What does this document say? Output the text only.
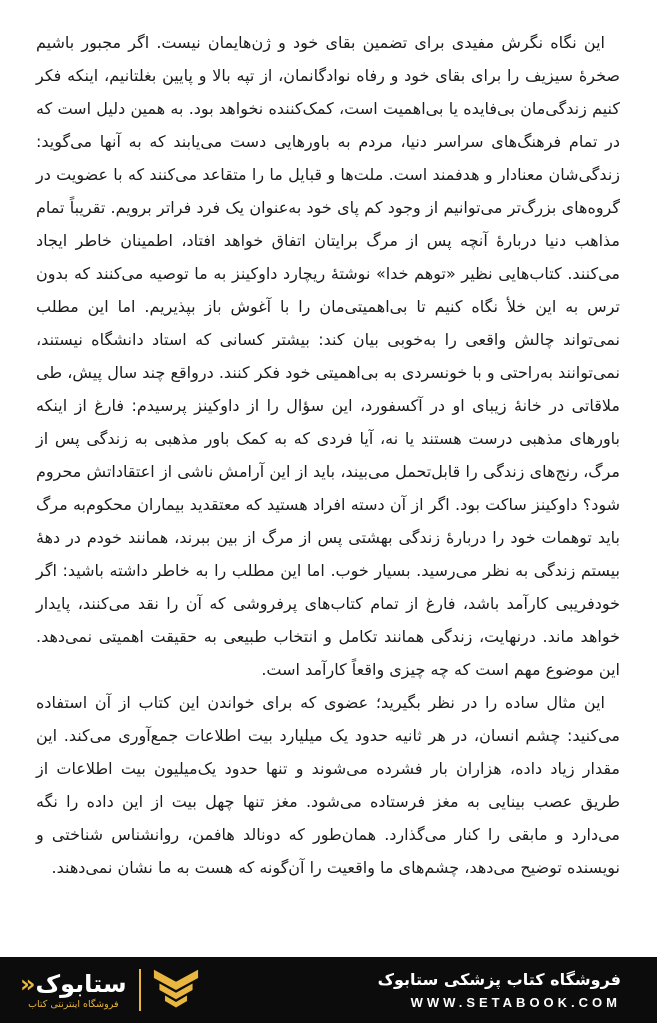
این نگاه نگرش مفیدی برای تضمین بقای خود و ژن‌هایمان نیست. اگر مجبور باشیم صخرۀ سیزیف را برای بقای خود و رفاه نوادگانمان، از تپه بالا و پایین بغلتانیم، اینکه فکر کنیم زندگی‌مان بی‌فایده یا بی‌اهمیت است، کمک‌کننده نخواهد بود. به همین دلیل است که در تمام فرهنگ‌های سراسر دنیا، مردم به باورهایی دست می‌یابند که به آنها می‌گوید: زندگی‌شان معنادار و هدفمند است. ملت‌ها و قبایل ما را متقاعد می‌کنند که با عضویت در گروه‌های بزرگ‌تر می‌توانیم از وجود کم پای خود به‌عنوان یک فرد فراتر برویم. تقریباً تمام مذاهب دنیا دربارۀ آنچه پس از مرگ برایتان اتفاق خواهد افتاد، اطمینان خاطر ایجاد می‌کنند. کتاب‌هایی نظیر «توهم خدا» نوشتۀ ریچارد داوکینز به ما توصیه می‌کنند که بدون ترس به این خلأ نگاه کنیم تا بی‌اهمیتی‌مان را با آغوش باز بپذیریم. اما این مطلب نمی‌تواند چالش واقعی را به‌خوبی بیان کند: بیشتر کسانی که استاد دانشگاه نیستند، نمی‌توانند به‌راحتی و با خونسردی به بی‌اهمیتی خود فکر کنند. درواقع چند سال پیش، طی ملاقاتی در خانۀ زیبای او در آکسفورد، این سؤال را از داوکینز پرسیدم: فارغ از اینکه باورهای مذهبی درست هستند یا نه، آیا فردی که به کمک باور مذهبی به زندگی پس از مرگ، رنج‌های زندگی را قابل‌تحمل می‌بیند، باید از این آرامش ناشی از اعتقاداتش محروم شود؟ داوکینز ساکت بود. اگر از آن دسته افراد هستید که معتقدید بیماران محکوم‌به مرگ باید توهمات خود را دربارۀ زندگی بهشتی پس از مرگ از بین ببرند، همانند خودم در دهۀ بیستم زندگی به نظر می‌رسید. بسیار خوب. اما این مطلب را به خاطر داشته باشید: اگر خودفریبی کارآمد باشد، فارغ از تمام کتاب‌های پرفروشی که آن را نقد می‌کنند، پایدار خواهد ماند. درنهایت، زندگی همانند تکامل و انتخاب طبیعی به حقیقت اهمیتی نمی‌دهد. این موضوع مهم است که چه چیزی واقعاً کارآمد است.

این مثال ساده را در نظر بگیرید؛ عضوی که برای خواندن این کتاب از آن استفاده می‌کنید: چشم انسان، در هر ثانیه حدود یک میلیارد بیت اطلاعات جمع‌آوری می‌کند. این مقدار زیاد داده، هزاران بار فشرده می‌شوند و تنها حدود یک‌میلیون بیت اطلاعات از طریق عصب بینایی به مغز فرستاده می‌شود. مغز تنها چهل بیت از این داده را نگه می‌دارد و مابقی را کنار می‌گذارد. همان‌طور که دونالد هافمن، روانشناس شناختی و نویسنده توضیح می‌دهد، چشم‌های ما واقعیت را آن‌گونه که هست به ما نشان نمی‌دهند.

ستابوک«
فروشگاه اینترنتی کتاب
فروشگاه کتاب پزشکی ستابوک
WWW.SETABOOK.COM
